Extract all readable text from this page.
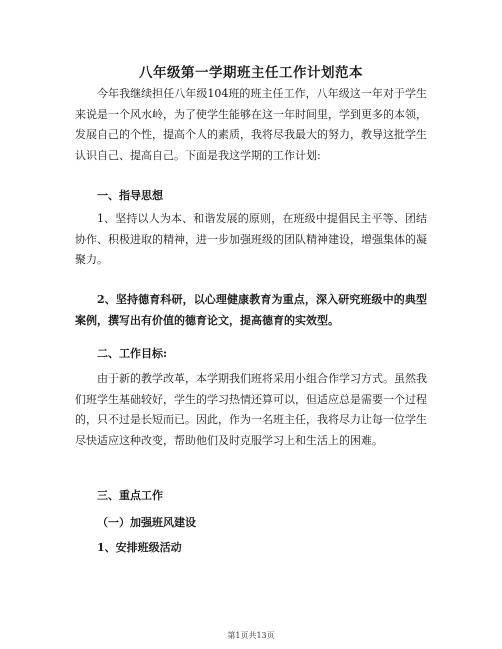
八年级第一学期班主任工作计划范本

今年我继续担任八年级104班的班主任工作，八年级这一年对于学生来说是一个风水岭，为了使学生能够在这一年时间里，学到更多的本领，发展自己的个性，提高个人的素质，我将尽我最大的努力，教导这批学生认识自己、提高自己。下面是我这学期的工作计划:

一、指导思想

1、坚持以人为本、和谐发展的原则，在班级中提倡民主平等、团结协作、积极进取的精神，进一步加强班级的团队精神建设，增强集体的凝聚力。

2、坚持德育科研，以心理健康教育为重点，深入研究班级中的典型案例，撰写出有价值的德育论文，提高德育的实效型。

二、工作目标:

由于新的教学改革，本学期我们班将采用小组合作学习方式。虽然我们班学生基础较好，学生的学习热情还算可以，但适应总是需要一个过程的，只不过是长短而已。因此，作为一名班主任，我将尽力让每一位学生尽快适应这种改变，帮助他们及时克服学习上和生活上的困难。

三、重点工作
（一）加强班风建设
1、安排班级活动
第1页共13页
